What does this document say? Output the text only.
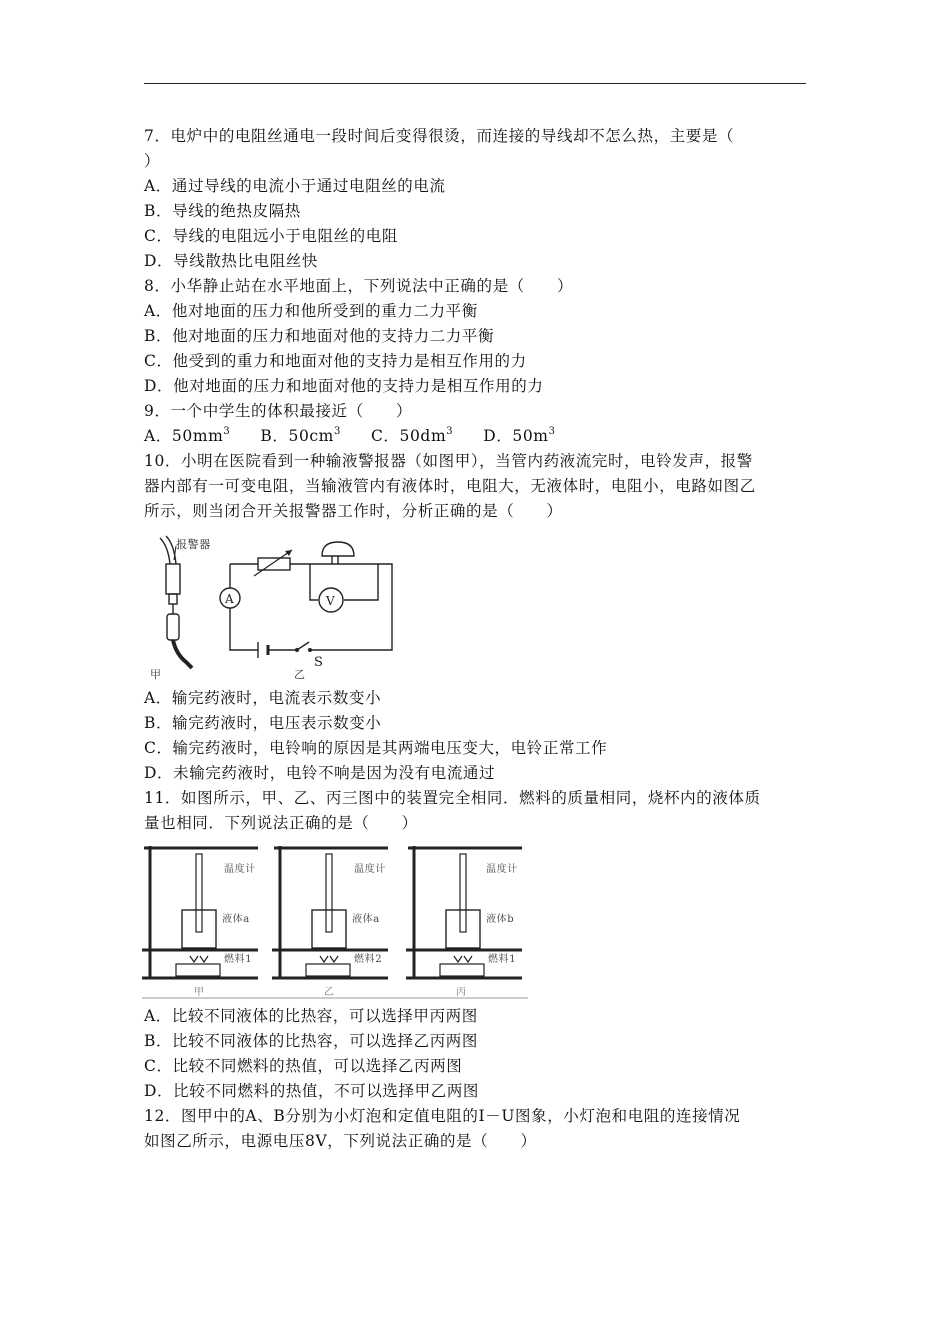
7．电炉中的电阻丝通电一段时间后变得很烫，而连接的导线却不怎么热，主要是（
）
A．通过导线的电流小于通过电阻丝的电流
B．导线的绝热皮隔热
C．导线的电阻远小于电阻丝的电阻
D．导线散热比电阻丝快
8．小华静止站在水平地面上，下列说法中正确的是（　　）
A．他对地面的压力和他所受到的重力二力平衡
B．他对地面的压力和地面对他的支持力二力平衡
C．他受到的重力和地面对他的支持力是相互作用的力
D．他对地面的压力和地面对他的支持力是相互作用的力
9．一个中学生的体积最接近（　　）
A．$50mm^3$ B．$50cm^3$ C．$50dm^3$ D．$50m^3$
10．小明在医院看到一种输液警报器（如图甲），当管内药液流完时，电铃发声，报警
器内部有一可变电阻，当输液管内有液体时，电阻大，无液体时，电阻小，电路如图乙
所示，则当闭合开关报警器工作时，分析正确的是（　　）
报警器
甲
A	V
S
乙
A．输完药液时，电流表示数变小
B．输完药液时，电压表示数变小
C．输完药液时，电铃响的原因是其两端电压变大，电铃正常工作
D．未输完药液时，电铃不响是因为没有电流通过
11．如图所示，甲、乙、丙三图中的装置完全相同．燃料的质量相同，烧杯内的液体质
量也相同．下列说法正确的是（　　）
温度计
液体a
燃料1
甲
温度计
液体a
燃料2
乙
温度计
液体b
燃料1
丙
A．比较不同液体的比热容，可以选择甲丙两图
B．比较不同液体的比热容，可以选择乙丙两图
C．比较不同燃料的热值，可以选择乙丙两图
D．比较不同燃料的热值，不可以选择甲乙两图
12．图甲中的A、B分别为小灯泡和定值电阻的I－U图象，小灯泡和电阻的连接情况
如图乙所示，电源电压8V，下列说法正确的是（　　）
